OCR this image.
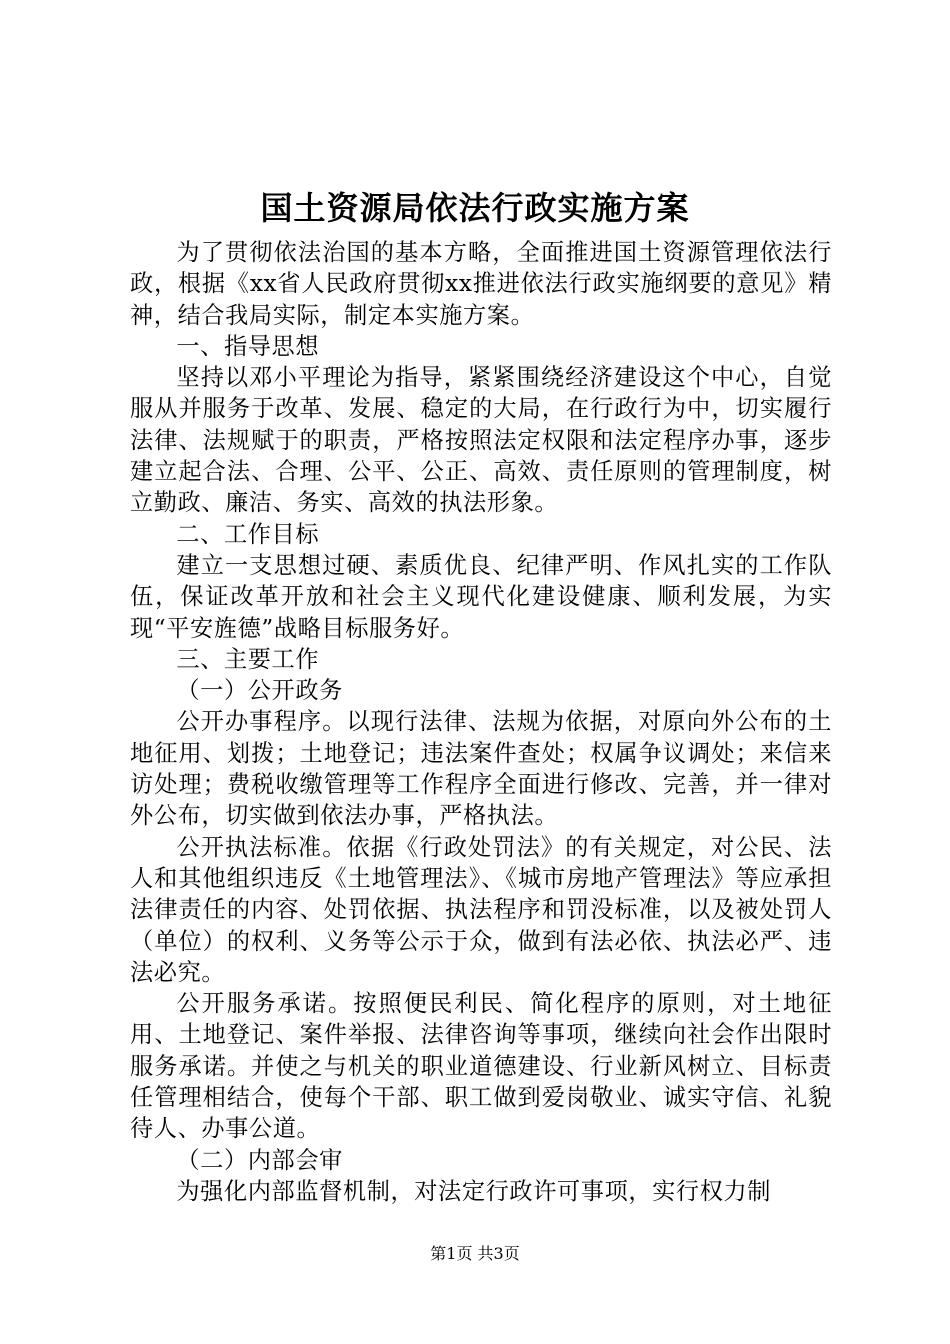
国土资源局依法行政实施方案

为了贯彻依法治国的基本方略，全面推进国土资源管理依法行政，根据《xx省人民政府贯彻xx推进依法行政实施纲要的意见》精神，结合我局实际，制定本实施方案。

一、指导思想

坚持以邓小平理论为指导，紧紧围绕经济建设这个中心，自觉服从并服务于改革、发展、稳定的大局，在行政行为中，切实履行法律、法规赋于的职责，严格按照法定权限和法定程序办事，逐步建立起合法、合理、公平、公正、高效、责任原则的管理制度，树立勤政、廉洁、务实、高效的执法形象。

二、工作目标

建立一支思想过硬、素质优良、纪律严明、作风扎实的工作队伍，保证改革开放和社会主义现代化建设健康、顺利发展，为实现“平安旌德”战略目标服务好。

三、主要工作

（一）公开政务

公开办事程序。以现行法律、法规为依据，对原向外公布的土地征用、划拨；土地登记；违法案件查处；权属争议调处；来信来访处理；费税收缴管理等工作程序全面进行修改、完善，并一律对外公布，切实做到依法办事，严格执法。

公开执法标准。依据《行政处罚法》的有关规定，对公民、法人和其他组织违反《土地管理法》、《城市房地产管理法》等应承担法律责任的内容、处罚依据、执法程序和罚没标准，以及被处罚人（单位）的权利、义务等公示于众，做到有法必依、执法必严、违法必究。

公开服务承诺。按照便民利民、简化程序的原则，对土地征用、土地登记、案件举报、法律咨询等事项，继续向社会作出限时服务承诺。并使之与机关的职业道德建设、行业新风树立、目标责任管理相结合，使每个干部、职工做到爱岗敬业、诚实守信、礼貌待人、办事公道。

（二）内部会审

为强化内部监督机制，对法定行政许可事项，实行权力制

第1页 共3页
